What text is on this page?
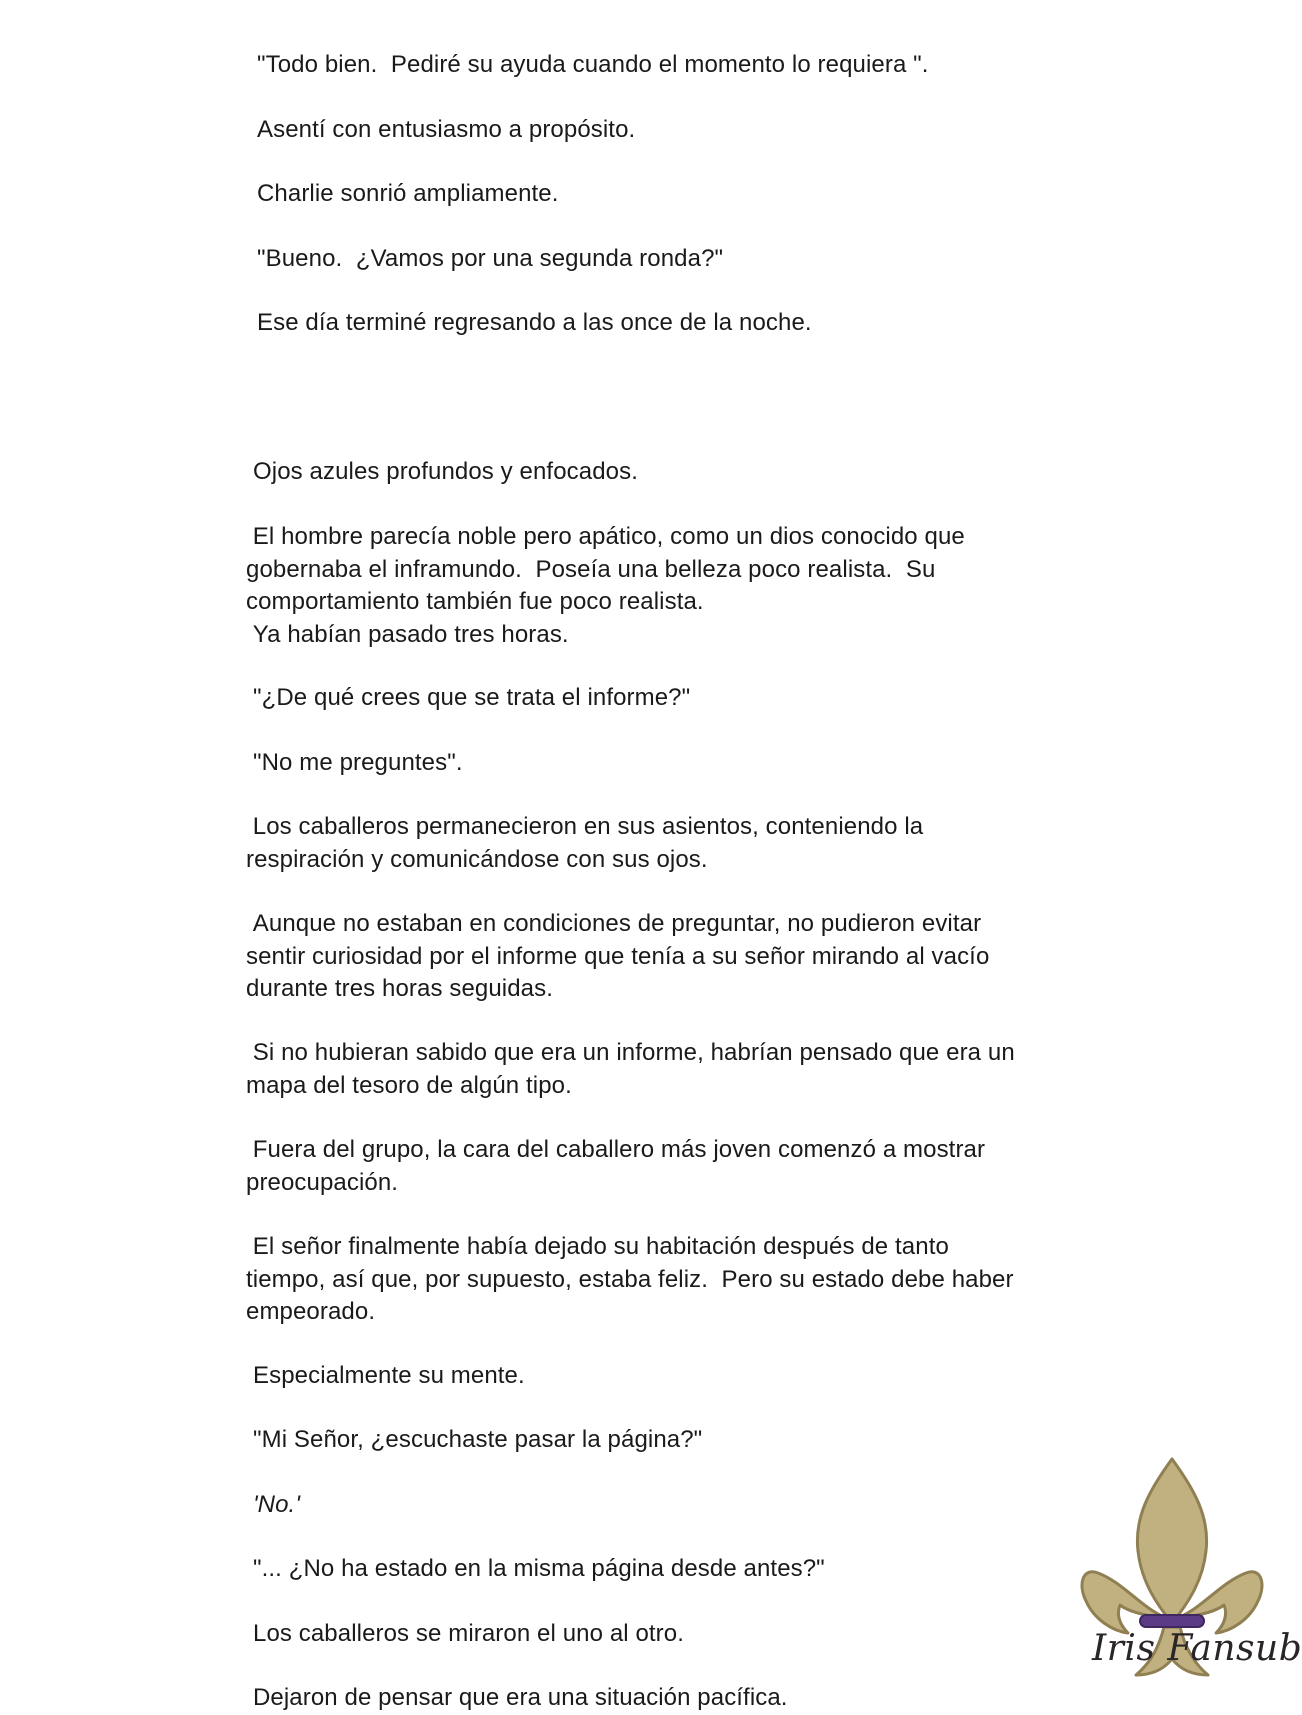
"Todo bien.  Pediré su ayuda cuando el momento lo requiera ".

Asentí con entusiasmo a propósito.

Charlie sonrió ampliamente.

"Bueno.  ¿Vamos por una segunda ronda?"

Ese día terminé regresando a las once de la noche.

Ojos azules profundos y enfocados.

El hombre parecía noble pero apático, como un dios conocido que
gobernaba el inframundo.  Poseía una belleza poco realista.  Su
comportamiento también fue poco realista.
Ya habían pasado tres horas.

"¿De qué crees que se trata el informe?"

"No me preguntes".

Los caballeros permanecieron en sus asientos, conteniendo la
respiración y comunicándose con sus ojos.

Aunque no estaban en condiciones de preguntar, no pudieron evitar
sentir curiosidad por el informe que tenía a su señor mirando al vacío
durante tres horas seguidas.

Si no hubieran sabido que era un informe, habrían pensado que era un
mapa del tesoro de algún tipo.

Fuera del grupo, la cara del caballero más joven comenzó a mostrar
preocupación.

El señor finalmente había dejado su habitación después de tanto
tiempo, así que, por supuesto, estaba feliz.  Pero su estado debe haber
empeorado.

Especialmente su mente.

"Mi Señor, ¿escuchaste pasar la página?"

'No.'

"... ¿No ha estado en la misma página desde antes?"

Los caballeros se miraron el uno al otro.

Dejaron de pensar que era una situación pacífica.

Iris Fansub
